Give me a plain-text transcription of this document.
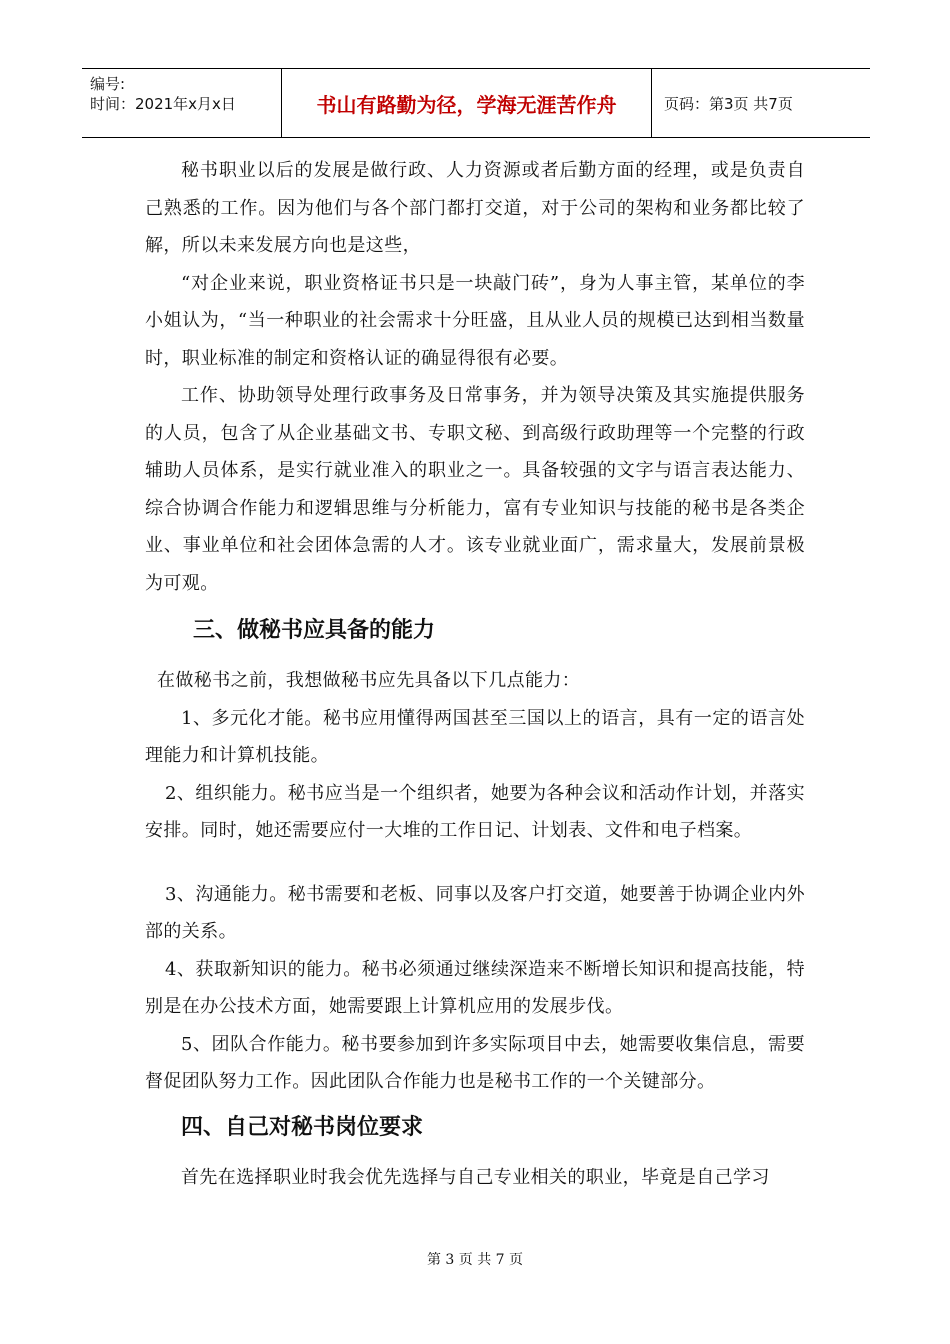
编号:
时间：2021年x月x日	书山有路勤为径，学海无涯苦作舟	页码：第3页 共7页

秘书职业以后的发展是做行政、人力资源或者后勤方面的经理，或是负责自己熟悉的工作。因为他们与各个部门都打交道，对于公司的架构和业务都比较了解，所以未来发展方向也是这些，

“对企业来说，职业资格证书只是一块敲门砖”，身为人事主管，某单位的李小姐认为，“当一种职业的社会需求十分旺盛，且从业人员的规模已达到相当数量时，职业标准的制定和资格认证的确显得很有必要。

工作、协助领导处理行政事务及日常事务，并为领导决策及其实施提供服务的人员，包含了从企业基础文书、专职文秘、到高级行政助理等一个完整的行政辅助人员体系，是实行就业准入的职业之一。具备较强的文字与语言表达能力、综合协调合作能力和逻辑思维与分析能力，富有专业知识与技能的秘书是各类企业、事业单位和社会团体急需的人才。该专业就业面广，需求量大，发展前景极为可观。

三、做秘书应具备的能力

在做秘书之前，我想做秘书应先具备以下几点能力：

1、多元化才能。秘书应用懂得两国甚至三国以上的语言，具有一定的语言处理能力和计算机技能。

2、组织能力。秘书应当是一个组织者，她要为各种会议和活动作计划，并落实安排。同时，她还需要应付一大堆的工作日记、计划表、文件和电子档案。

3、沟通能力。秘书需要和老板、同事以及客户打交道，她要善于协调企业内外部的关系。

4、获取新知识的能力。秘书必须通过继续深造来不断增长知识和提高技能，特别是在办公技术方面，她需要跟上计算机应用的发展步伐。

5、团队合作能力。秘书要参加到许多实际项目中去，她需要收集信息，需要督促团队努力工作。因此团队合作能力也是秘书工作的一个关键部分。

四、自己对秘书岗位要求

首先在选择职业时我会优先选择与自己专业相关的职业，毕竟是自己学习

第 3 页 共 7 页
